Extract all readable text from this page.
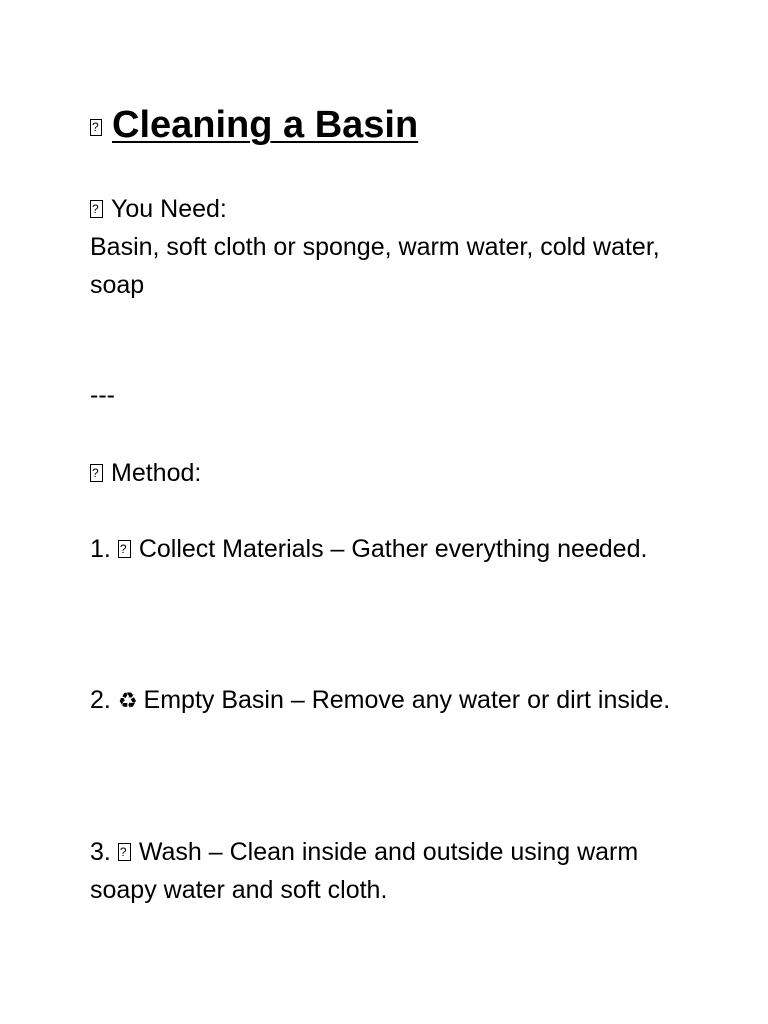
?Cleaning a Basin
?You Need:
Basin, soft cloth or sponge, warm water, cold water, soap
---
?Method:
1. ? Collect Materials – Gather everything needed.
2. ♻ Empty Basin – Remove any water or dirt inside.
3. ? Wash – Clean inside and outside using warm soapy water and soft cloth.
